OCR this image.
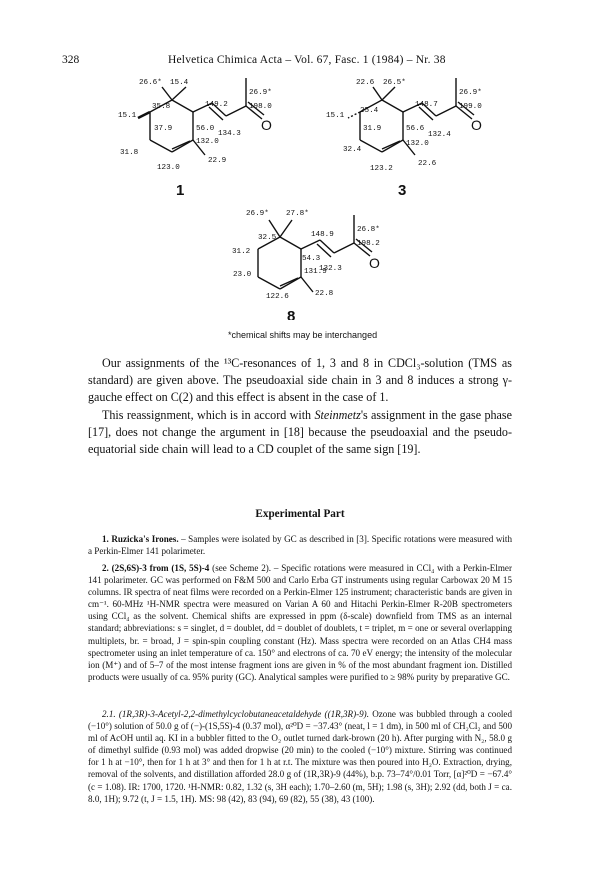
328	Helvetica Chimica Acta – Vol. 67, Fasc. 1 (1984) – Nr. 38
26.6* 15.4
26.9*
198.0
35.8	149.2
15.1
37.9	56.0
134.3
132.0
31.8
22.9
123.0
O
1
22.6 26.5*
26.9*
199.0
25.4
148.7
15.1
31.9	56.6
132.4
132.0
32.4
22.6
123.2
O
3
26.9* 27.8*
26.8*
32.5	148.9
198.2
31.2
54.3
132.3
131.9
23.0
22.8
122.6
O
8
*chemical shifts may be interchanged

Our assignments of the ¹³C-resonances of 1, 3 and 8 in CDCl₃-solution (TMS as standard) are given above. The pseudoaxial side chain in 3 and 8 induces a strong γ-gauche effect on C(2) and this effect is absent in the case of 1.

This reassignment, which is in accord with Steinmetz's assignment in the gase phase [17], does not change the argument in [18] because the pseudoaxial and the pseudo-equatorial side chain will lead to a CD couplet of the same sign [19].

Experimental Part

1. Ruzicka's Irones. – Samples were isolated by GC as described in [3]. Specific rotations were measured with a Perkin-Elmer 141 polarimeter.

2. (2S,6S)-3 from (1S, 5S)-4 (see Scheme 2). – Specific rotations were measured in CCl₄ with a Perkin-Elmer 141 polarimeter. GC was performed on F&M 500 and Carlo Erba GT instruments using regular Carbowax 20 M 15 columns. IR spectra of neat films were recorded on a Perkin-Elmer 125 instrument; characteristic bands are given in cm⁻¹. 60-MHz ¹H-NMR spectra were measured on Varian A 60 and Hitachi Perkin-Elmer R-20B spectrometers using CCl₄ as the solvent. Chemical shifts are expressed in ppm (δ-scale) downfield from TMS as an internal standard; abbreviations: s = singlet, d = doublet, dd = doublet of doublets, t = triplet, m = one or several overlapping multiplets, br. = broad, J = spin-spin coupling constant (Hz). Mass spectra were recorded on an Atlas CH4 mass spectrometer using an inlet temperature of ca. 150° and electrons of ca. 70 eV energy; the intensity of the molecular ion (M⁺) and of 5–7 of the most intense fragment ions are given in % of the most abundant fragment ion. Distilled products were usually of ca. 95% purity (GC). Analytical samples were purified to ≥ 98% purity by preparative GC.

2.1. (1R,3R)-3-Acetyl-2,2-dimethylcyclobutaneacetaldehyde ((1R,3R)-9). Ozone was bubbled through a cooled (−10°) solution of 50.0 g of (−)-(1S,5S)-4 (0.37 mol), α²⁰D = −37.43° (neat, l = 1 dm), in 500 ml of CH₂Cl₂ and 500 ml of AcOH until aq. KI in a bubbler fitted to the O₂ outlet turned dark-brown (20 h). After purging with N₂, 58.0 g of dimethyl sulfide (0.93 mol) was added dropwise (20 min) to the cooled (−10°) mixture. Stirring was continued for 1 h at −10°, then for 1 h at 3° and then for 1 h at r.t. The mixture was then poured into H₂O. Extraction, drying, removal of the solvents, and distillation afforded 28.0 g of (1R,3R)-9 (44%), b.p. 73–74°/0.01 Torr, [α]²⁰D = −67.4° (c = 1.08). IR: 1700, 1720. ¹H-NMR: 0.82, 1.32 (s, 3H each); 1.70–2.60 (m, 5H); 1.98 (s, 3H); 2.92 (dd, both J = ca. 8.0, 1H); 9.72 (t, J = 1.5, 1H). MS: 98 (42), 83 (94), 69 (82), 55 (38), 43 (100).
